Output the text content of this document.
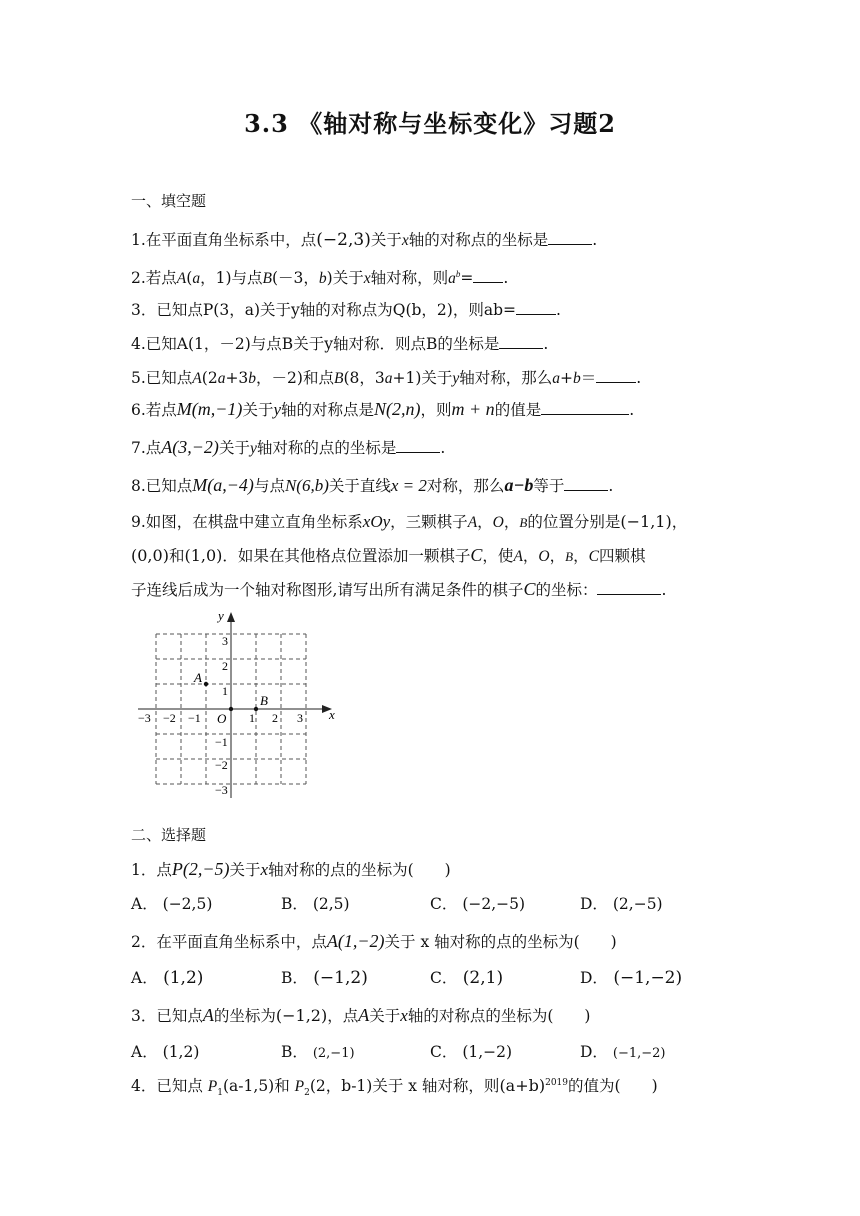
3.3 《轴对称与坐标变化》习题2
一、填空题
1.在平面直角坐标系中，点(−2,3)关于x轴的对称点的坐标是	.
2.若点A(a，1)与点B(－3，b)关于x轴对称，则$a^b=$ .
3．已知点P(3，a)关于y轴的对称点为Q(b，2)，则ab=	.
4.已知A(1，－2)与点B关于y轴对称．则点B的坐标是	.
5.已知点A(2a+3b，－2)和点B(8，3a+1)关于y轴对称，那么a+b＝	.
6.若点M(m,−1)关于y轴的对称点是N(2,n)，则m + n的值是	.
7.点A(3,−2)关于y轴对称的点的坐标是	.
8.已知点M(a,−4)与点N(6,b)关于直线x = 2对称，那么a−b等于	.
9.如图，在棋盘中建立直角坐标系xOy，三颗棋子A，O，B的位置分别是(−1,1)，
(0,0)和(1,0)．如果在其他格点位置添加一颗棋子C，使A，O，B，C四颗棋
子连线后成为一个轴对称图形,请写出所有满足条件的棋子C的坐标：	.
x
y
O
−3 −2 −1	1 2 3
3
2
1
−1
−2
−3
A
B
二、选择题
1．点P(2,−5)关于x轴对称的点的坐标为(　　)
A． (−2,5)	B． (2,5)	C． (−2,−5)	D． (2,−5)
2．在平面直角坐标系中，点A(1,−2)关于 x 轴对称的点的坐标为(　　)
A． (1,2)	B． (−1,2)	C． (2,1)	D． (−1,−2)
3．已知点A的坐标为(−1,2)，点A关于x轴的对称点的坐标为(　　)
A． (1,2)	B． (2,−1)	C． (1,−2)	D． (−1,−2)
4．已知点 $P_1(a-1,5)$和 $P_2(2$，b-1)关于 x 轴对称，则$(a+b)^{2019}$的值为(　　)
